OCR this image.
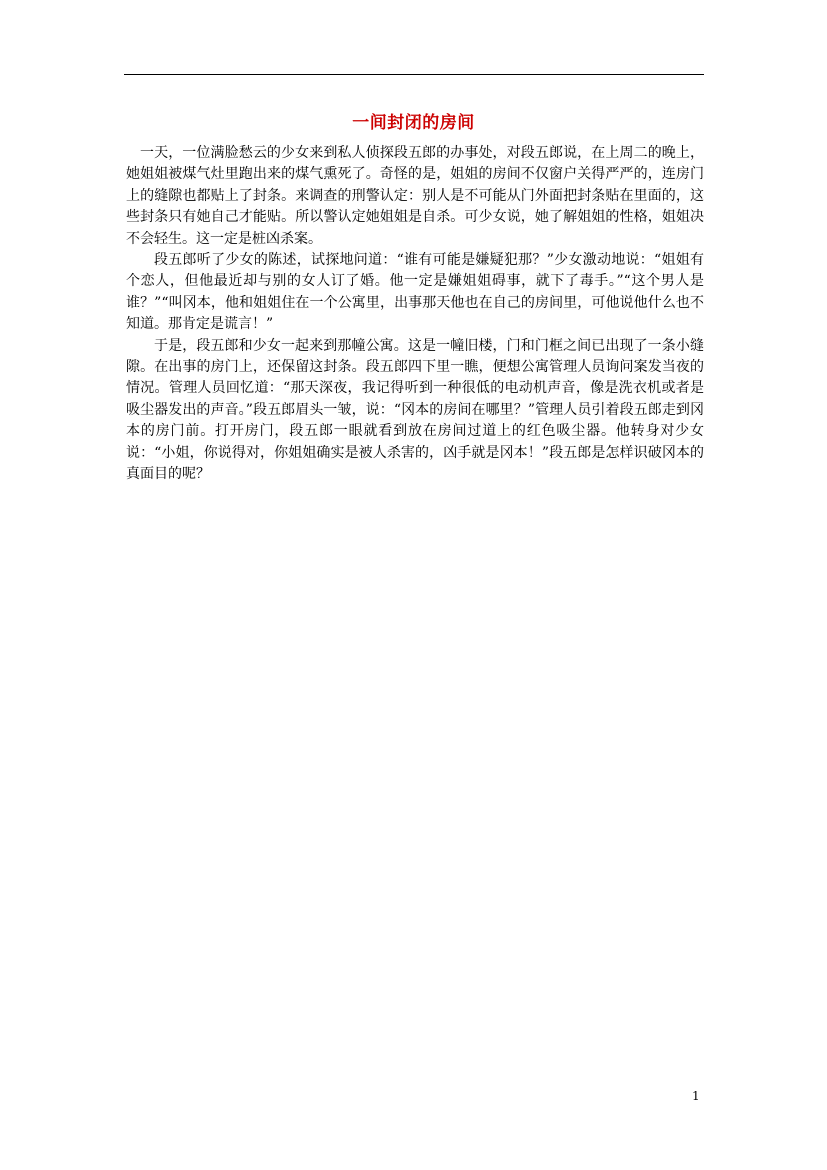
一间封闭的房间

一天，一位满脸愁云的少女来到私人侦探段五郎的办事处，对段五郎说，在上周二的晚上，她姐姐被煤气灶里跑出来的煤气熏死了。奇怪的是，姐姐的房间不仅窗户关得严严的，连房门上的缝隙也都贴上了封条。来调查的刑警认定：别人是不可能从门外面把封条贴在里面的，这些封条只有她自己才能贴。所以警认定她姐姐是自杀。可少女说，她了解姐姐的性格，姐姐决不会轻生。这一定是桩凶杀案。

段五郎听了少女的陈述，试探地问道：“谁有可能是嫌疑犯那？”少女激动地说：“姐姐有个恋人，但他最近却与别的女人订了婚。他一定是嫌姐姐碍事，就下了毒手。”“这个男人是谁？”“叫冈本，他和姐姐住在一个公寓里，出事那天他也在自己的房间里，可他说他什么也不知道。那肯定是谎言！”

于是，段五郎和少女一起来到那幢公寓。这是一幢旧楼，门和门框之间已出现了一条小缝隙。在出事的房门上，还保留这封条。段五郎四下里一瞧，便想公寓管理人员询问案发当夜的情况。管理人员回忆道：“那天深夜，我记得听到一种很低的电动机声音，像是洗衣机或者是吸尘器发出的声音。”段五郎眉头一皱，说：“冈本的房间在哪里？”管理人员引着段五郎走到冈本的房门前。打开房门，段五郎一眼就看到放在房间过道上的红色吸尘器。他转身对少女说：“小姐，你说得对，你姐姐确实是被人杀害的，凶手就是冈本！”段五郎是怎样识破冈本的真面目的呢？

1
